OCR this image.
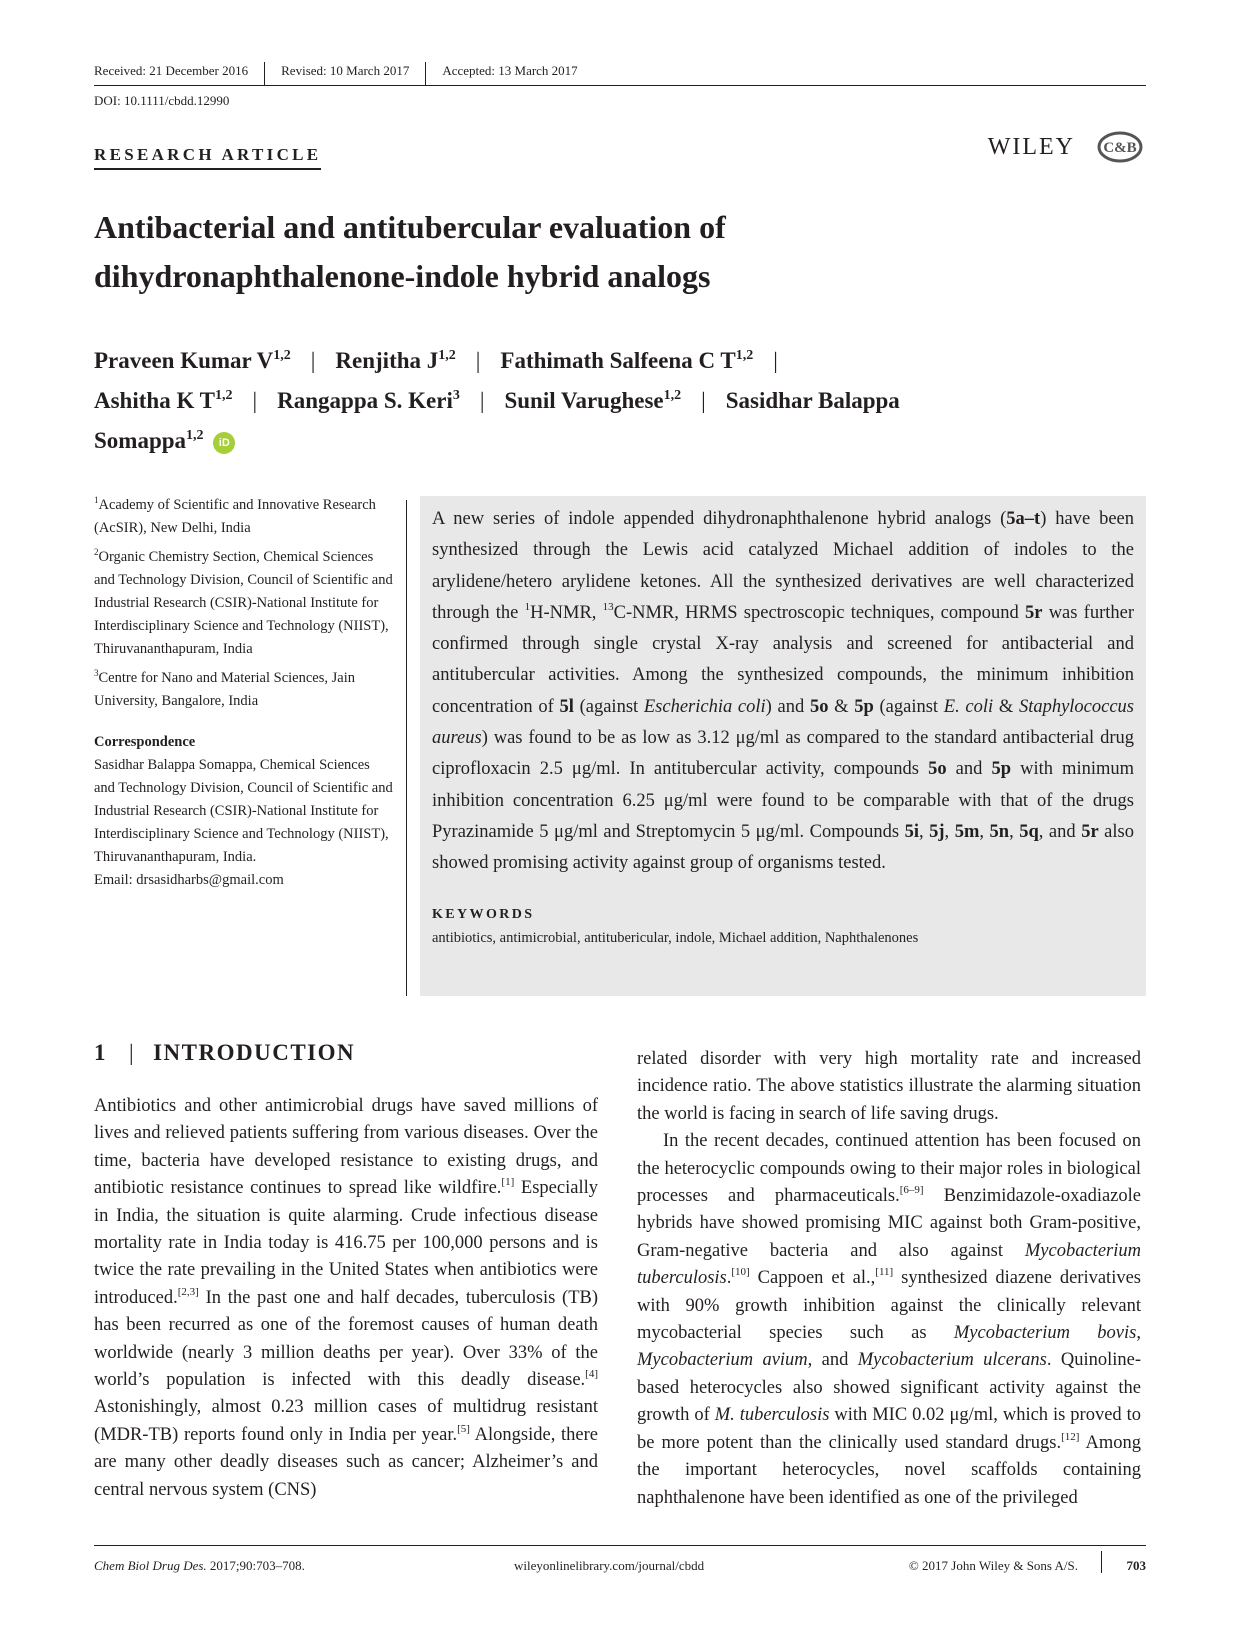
Received: 21 December 2016	Revised: 10 March 2017	Accepted: 13 March 2017
DOI: 10.1111/cbdd.12990
RESEARCH ARTICLE	WILEY C&B
Antibacterial and antitubercular evaluation of dihydronaphthalenone-indole hybrid analogs
Praveen Kumar V$^{1,2}$ | Renjitha J$^{1,2}$ | Fathimath Salfeena C T$^{1,2}$ |
Ashitha K T$^{1,2}$ | Rangappa S. Keri$^3$ | Sunil Varughese$^{1,2}$ | Sasidhar Balappa
Somappa$^{1,2}$ iD

$^1$Academy of Scientific and Innovative Research (AcSIR), New Delhi, India

$^2$Organic Chemistry Section, Chemical Sciences and Technology Division, Council of Scientific and Industrial Research (CSIR)-National Institute for Interdisciplinary Science and Technology (NIIST), Thiruvananthapuram, India

$^3$Centre for Nano and Material Sciences, Jain University, Bangalore, India

Correspondence

Sasidhar Balappa Somappa, Chemical Sciences and Technology Division, Council of Scientific and Industrial Research (CSIR)-National Institute for Interdisciplinary Science and Technology (NIIST), Thiruvananthapuram, India.
Email: drsasidharbs@gmail.com

A new series of indole appended dihydronaphthalenone hybrid analogs (5a–t) have been synthesized through the Lewis acid catalyzed Michael addition of indoles to the arylidene/hetero arylidene ketones. All the synthesized derivatives are well characterized through the $^1$H-NMR, $^{13}$C-NMR, HRMS spectroscopic techniques, compound 5r was further confirmed through single crystal X-ray analysis and screened for antibacterial and antitubercular activities. Among the synthesized compounds, the minimum inhibition concentration of 5l (against Escherichia coli) and 5o & 5p (against E. coli & Staphylococcus aureus) was found to be as low as 3.12 μg/ml as compared to the standard antibacterial drug ciprofloxacin 2.5 μg/ml. In antitubercular activity, compounds 5o and 5p with minimum inhibition concentration 6.25 μg/ml were found to be comparable with that of the drugs Pyrazinamide 5 μg/ml and Streptomycin 5 μg/ml. Compounds 5i, 5j, 5m, 5n, 5q, and 5r also showed promising activity against group of organisms tested.

KEYWORDS
antibiotics, antimicrobial, antitubericular, indole, Michael addition, Naphthalenones
1 | INTRODUCTION

Antibiotics and other antimicrobial drugs have saved millions of lives and relieved patients suffering from various diseases. Over the time, bacteria have developed resistance to existing drugs, and antibiotic resistance continues to spread like wildfire.[1] Especially in India, the situation is quite alarming. Crude infectious disease mortality rate in India today is 416.75 per 100,000 persons and is twice the rate prevailing in the United States when antibiotics were introduced.[2,3] In the past one and half decades, tuberculosis (TB) has been recurred as one of the foremost causes of human death worldwide (nearly 3 million deaths per year). Over 33% of the world’s population is infected with this deadly disease.[4] Astonishingly, almost 0.23 million cases of multidrug resistant (MDR-TB) reports found only in India per year.[5] Alongside, there are many other deadly diseases such as cancer; Alzheimer’s and central nervous system (CNS)

related disorder with very high mortality rate and increased incidence ratio. The above statistics illustrate the alarming situation the world is facing in search of life saving drugs.

In the recent decades, continued attention has been focused on the heterocyclic compounds owing to their major roles in biological processes and pharmaceuticals.[6–9] Benzimidazole-oxadiazole hybrids have showed promising MIC against both Gram-positive, Gram-negative bacteria and also against Mycobacterium tuberculosis.[10] Cappoen et al.,[11] synthesized diazene derivatives with 90% growth inhibition against the clinically relevant mycobacterial species such as Mycobacterium bovis, Mycobacterium avium, and Mycobacterium ulcerans. Quinoline-based heterocycles also showed significant activity against the growth of M. tuberculosis with MIC 0.02 μg/ml, which is proved to be more potent than the clinically used standard drugs.[12] Among the important heterocycles, novel scaffolds containing naphthalenone have been identified as one of the privileged

Chem Biol Drug Des. 2017;90:703–708.	wileyonlinelibrary.com/journal/cbdd	© 2017 John Wiley & Sons A/S.	703
